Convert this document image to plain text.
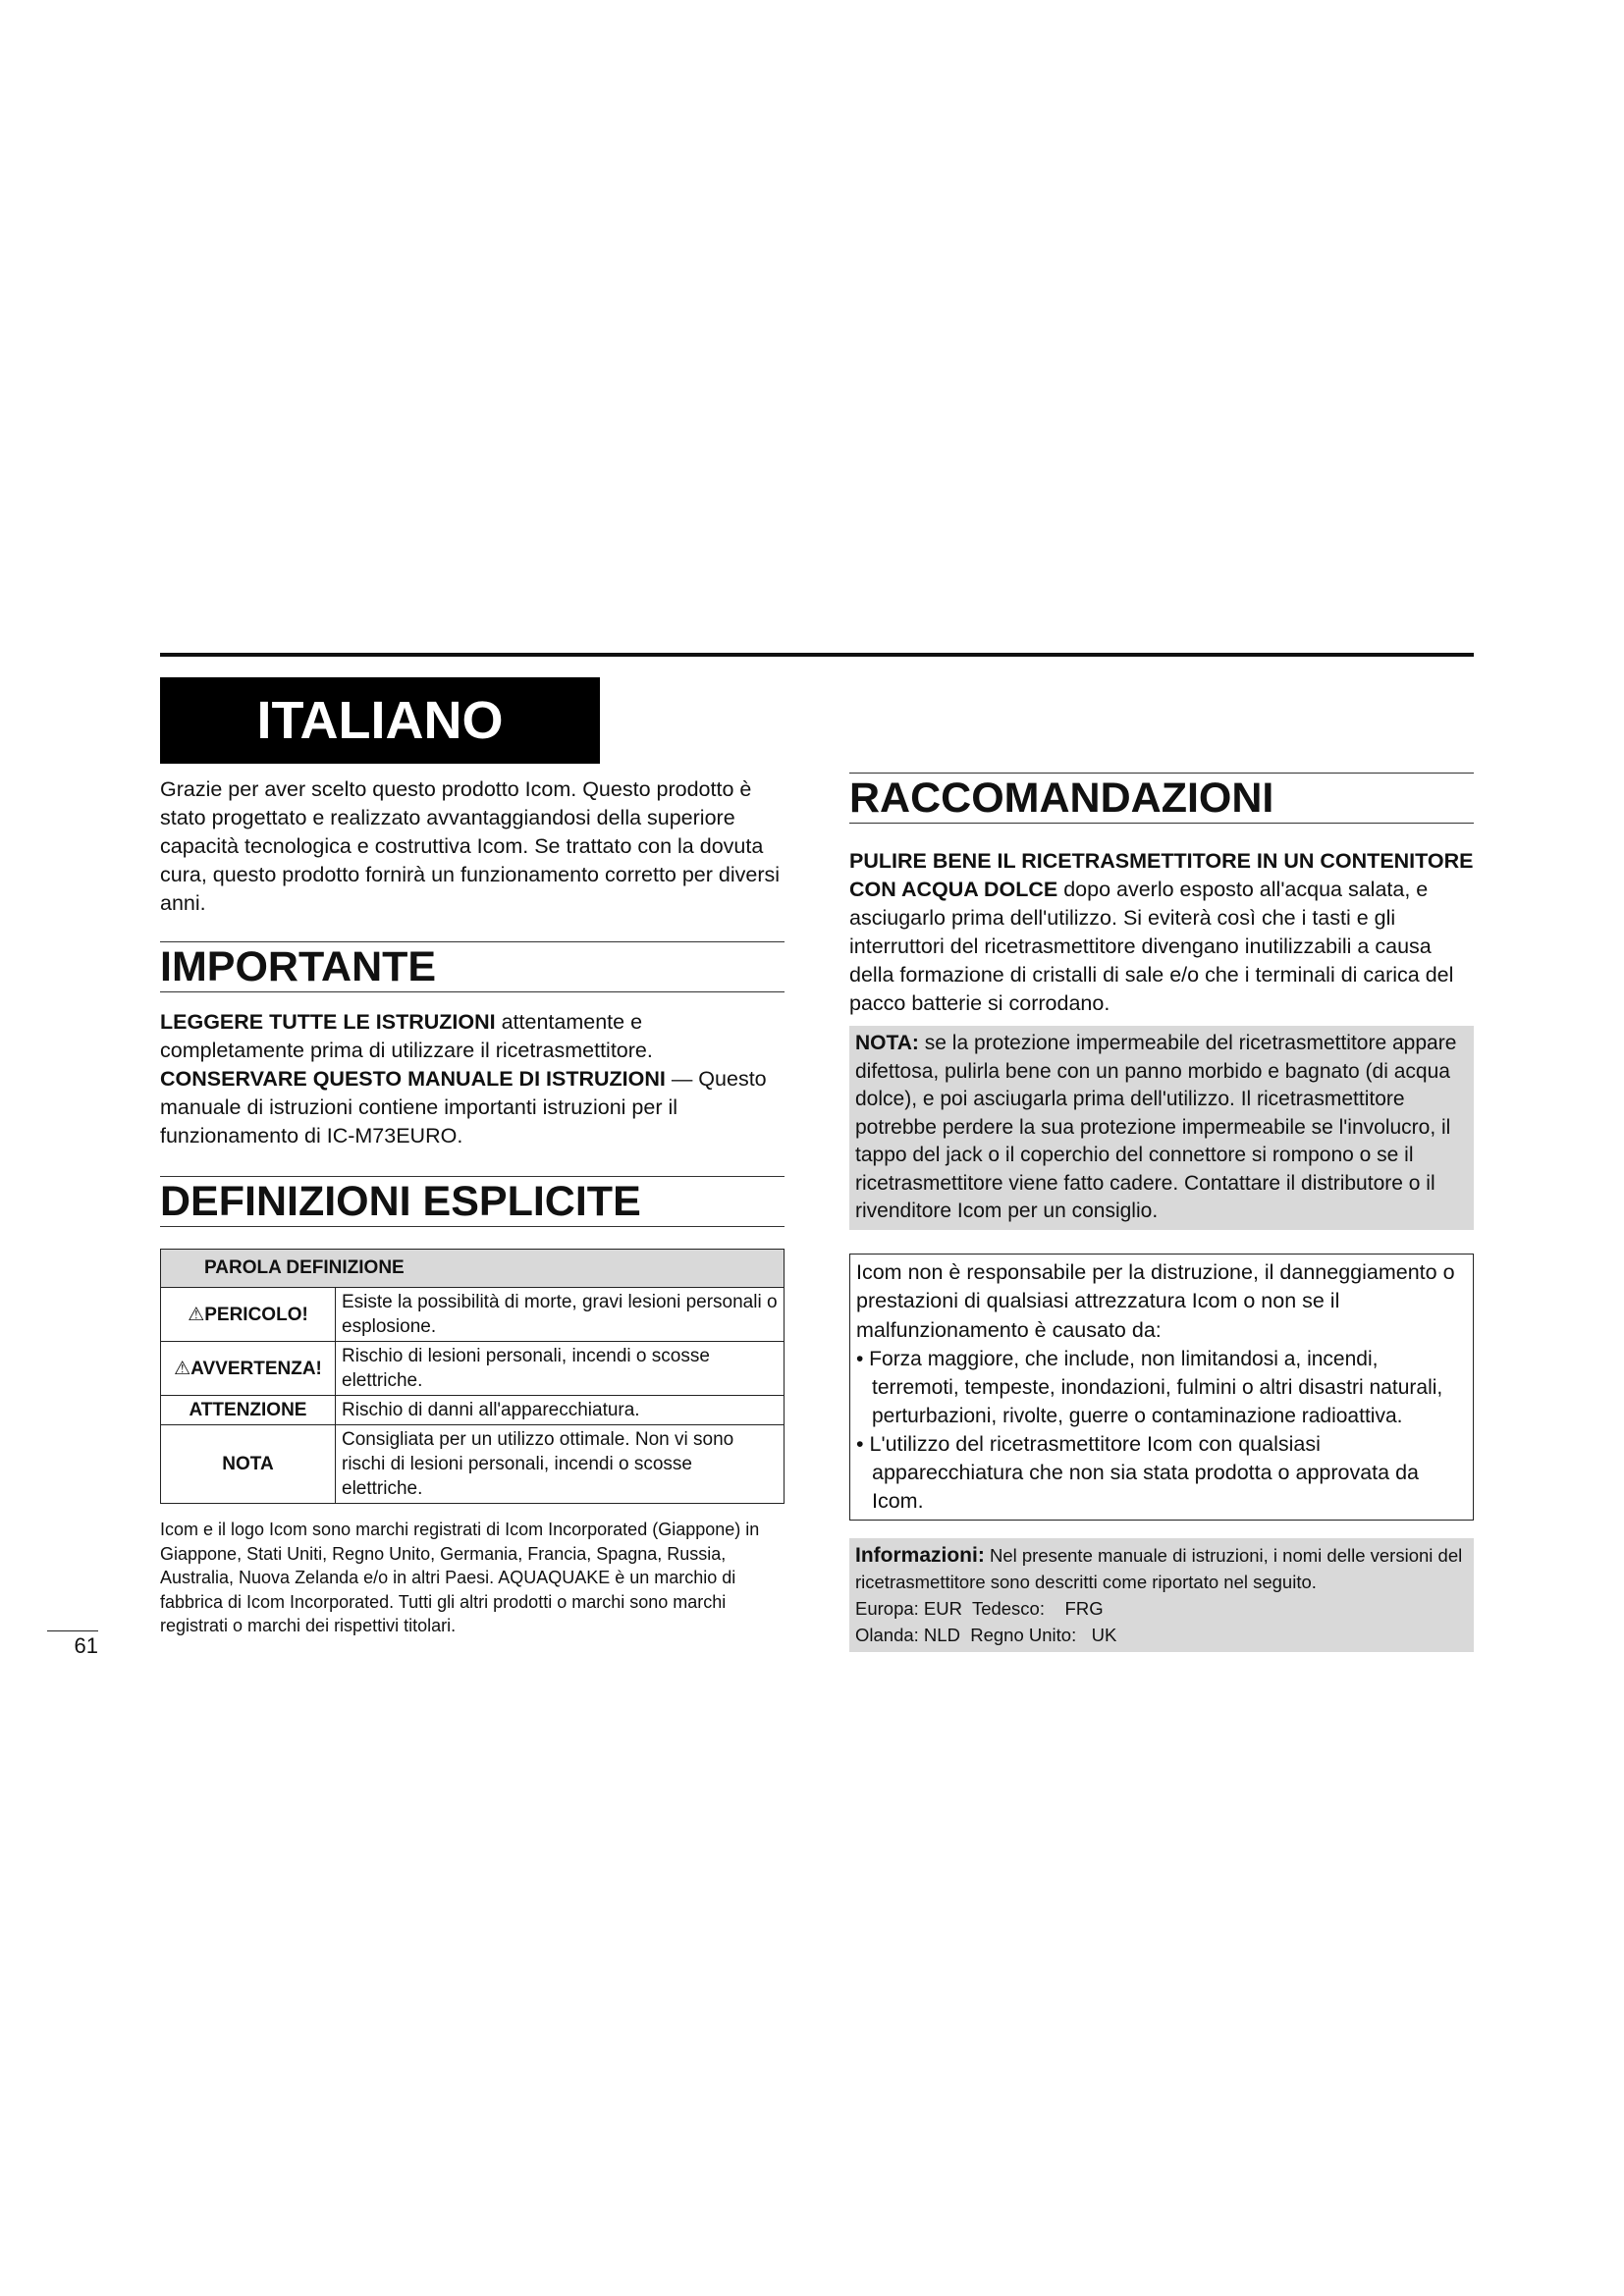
ITALIANO

Grazie per aver scelto questo prodotto Icom. Questo prodotto è stato progettato e realizzato avvantaggiandosi della superiore capacità tecnologica e costruttiva Icom. Se trattato con la dovuta cura, questo prodotto fornirà un funzionamento corretto per diversi anni.

IMPORTANTE

LEGGERE TUTTE LE ISTRUZIONI attentamente e completamente prima di utilizzare il ricetrasmettitore.

CONSERVARE QUESTO MANUALE DI ISTRUZIONI — Questo manuale di istruzioni contiene importanti istruzioni per il funzionamento di IC-M73EURO.

DEFINIZIONI ESPLICITE
PAROLA DEFINIZIONE	
⚠PERICOLO!	Esiste la possibilità di morte, gravi lesioni personali o esplosione.
⚠AVVERTENZA!	Rischio di lesioni personali, incendi o scosse elettriche.
ATTENZIONE	Rischio di danni all'apparecchiatura.
NOTA	Consigliata per un utilizzo ottimale. Non vi sono rischi di lesioni personali, incendi o scosse elettriche.

Icom e il logo Icom sono marchi registrati di Icom Incorporated (Giappone) in Giappone, Stati Uniti, Regno Unito, Germania, Francia, Spagna, Russia, Australia, Nuova Zelanda e/o in altri Paesi. AQUAQUAKE è un marchio di fabbrica di Icom Incorporated. Tutti gli altri prodotti o marchi sono marchi registrati o marchi dei rispettivi titolari.

RACCOMANDAZIONI

PULIRE BENE IL RICETRASMETTITORE IN UN CONTENITORE CON ACQUA DOLCE dopo averlo esposto all'acqua salata, e asciugarlo prima dell'utilizzo. Si eviterà così che i tasti e gli interruttori del ricetrasmettitore divengano inutilizzabili a causa della formazione di cristalli di sale e/o che i terminali di carica del pacco batterie si corrodano.

NOTA: se la protezione impermeabile del ricetrasmettitore appare difettosa, pulirla bene con un panno morbido e bagnato (di acqua dolce), e poi asciugarla prima dell'utilizzo. Il ricetrasmettitore potrebbe perdere la sua protezione impermeabile se l'involucro, il tappo del jack o il coperchio del connettore si rompono o se il ricetrasmettitore viene fatto cadere. Contattare il distributore o il rivenditore Icom per un consiglio.

Icom non è responsabile per la distruzione, il danneggiamento o prestazioni di qualsiasi attrezzatura Icom o non se il malfunzionamento è causato da:

• Forza maggiore, che include, non limitandosi a, incendi, terremoti, tempeste, inondazioni, fulmini o altri disastri naturali, perturbazioni, rivolte, guerre o contaminazione radioattiva.

• L'utilizzo del ricetrasmettitore Icom con qualsiasi apparecchiatura che non sia stata prodotta o approvata da Icom.

Informazioni: Nel presente manuale di istruzioni, i nomi delle versioni del ricetrasmettitore sono descritti come riportato nel seguito.

Europa: EUR  Tedesco:    FRG

Olanda: NLD  Regno Unito:   UK

61
